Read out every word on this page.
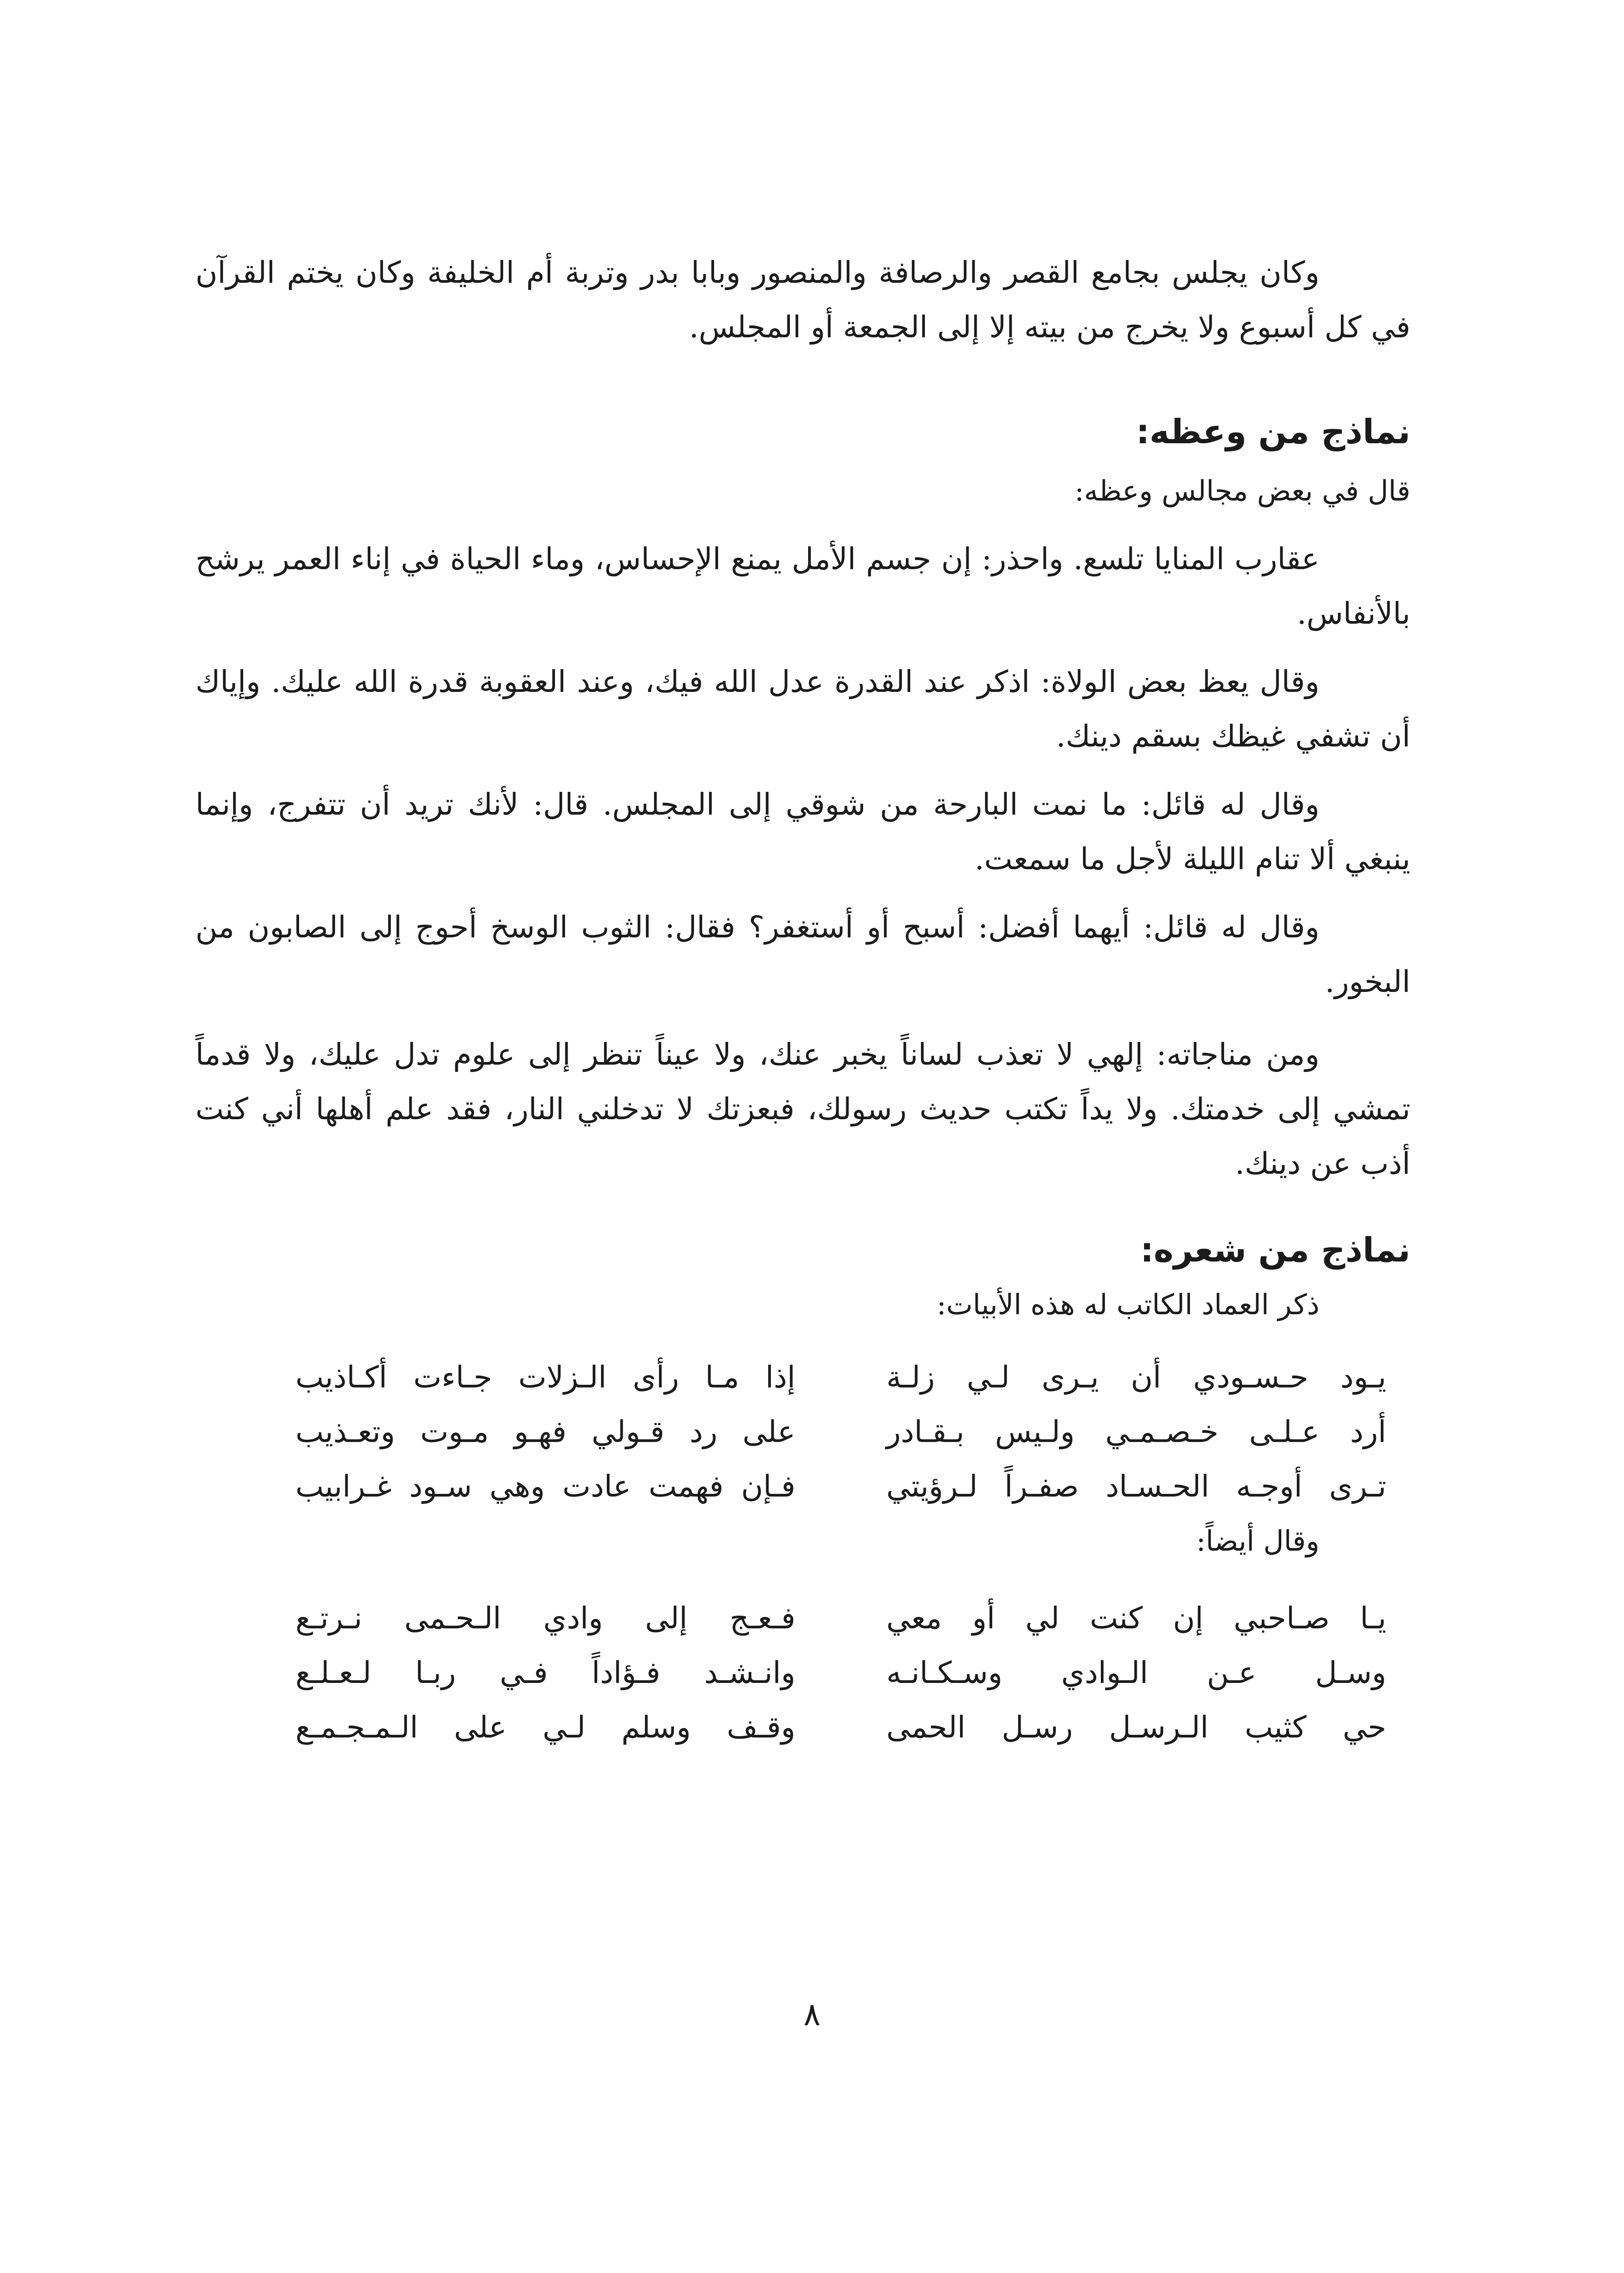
وكان يجلس بجامع القصر والرصافة والمنصور وبابا بدر وتربة أم الخليفة وكان يختم القرآن في كل أسبوع ولا يخرج من بيته إلا إلى الجمعة أو المجلس.

نماذج من وعظه:

قال في بعض مجالس وعظه:

عقارب المنايا تلسع. واحذر: إن جسم الأمل يمنع الإحساس، وماء الحياة في إناء العمر يرشح بالأنفاس.

وقال يعظ بعض الولاة: اذكر عند القدرة عدل الله فيك، وعند العقوبة قدرة الله عليك. وإياك أن تشفي غيظك بسقم دينك.

وقال له قائل: ما نمت البارحة من شوقي إلى المجلس. قال: لأنك تريد أن تتفرج، وإنما ينبغي ألا تنام الليلة لأجل ما سمعت.

وقال له قائل: أيهما أفضل: أسبح أو أستغفر؟ فقال: الثوب الوسخ أحوج إلى الصابون من البخور.

ومن مناجاته: إلهي لا تعذب لساناً يخبر عنك، ولا عيناً تنظر إلى علوم تدل عليك، ولا قدماً تمشي إلى خدمتك. ولا يداً تكتب حديث رسولك، فبعزتك لا تدخلني النار، فقد علم أهلها أني كنت أذب عن دينك.

نماذج من شعره:

ذكر العماد الكاتب له هذه الأبيات:

يـود حـسـودي أن يـرى لـي زلـة
إذا مـا رأى الـزلات جـاءت أكـاذيب
أرد عـلـى خـصـمـي ولـيس بـقـادر
على رد قـولي فهـو مـوت وتعـذيب
تـرى أوجـه الحـسـاد صفـراً لـرؤيتي
فـإن فهمت عادت وهي سـود غـرابيب

وقال أيضاً:

يـا صـاحبي إن كنت لي أو معي
فـعـج إلى وادي الـحـمى نـرتـع
وسـل عـن الـوادي وسـكـانـه
وانـشـد فـؤاداً فـي ربـا لـعـلـع
حي كثيب الـرسـل رسـل الحمى
وقـف وسلم لـي على الـمـجـمـع
٨
